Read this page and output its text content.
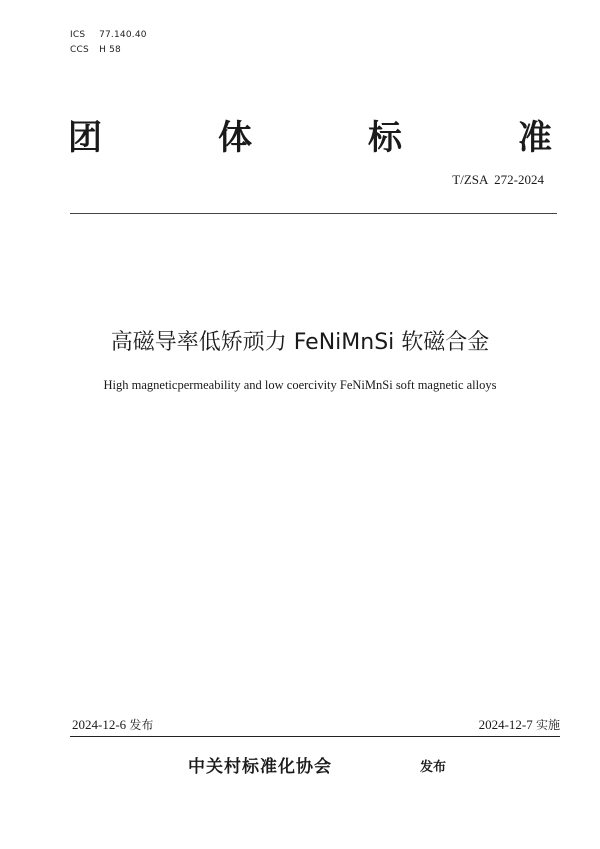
ICS 77.140.40
CCS H 58
团	体	标	准
T/ZSA  272-2024
高磁导率低矫顽力 FeNiMnSi 软磁合金
High magneticpermeability and low coercivity FeNiMnSi soft magnetic alloys
2024-12-6 发布	2024-12-7 实施
中关村标准化协会	发布
